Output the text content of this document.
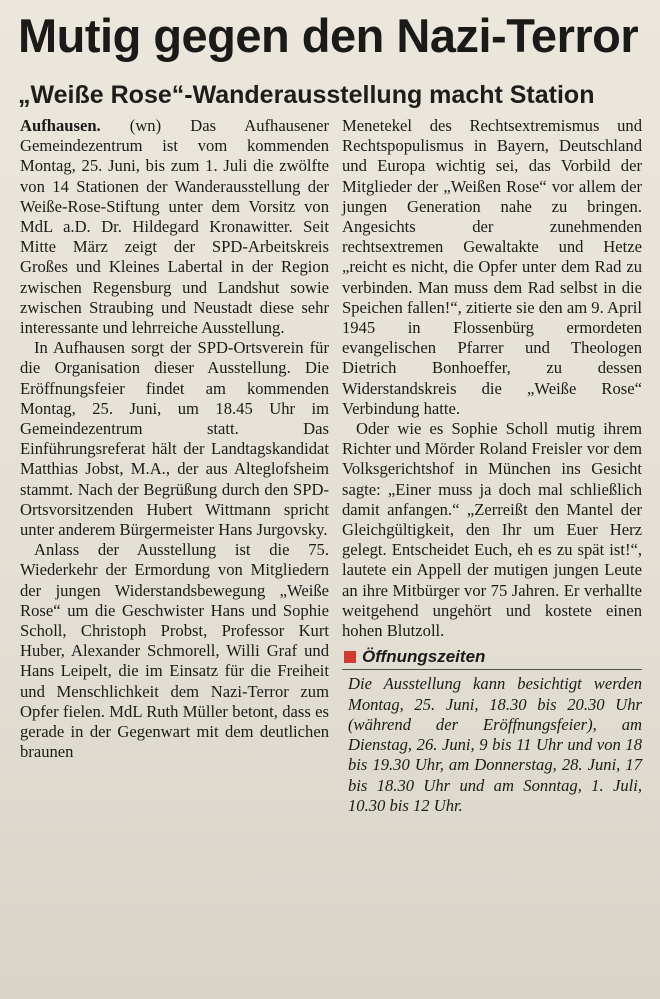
Mutig gegen den Nazi-Terror
„Weiße Rose“-Wanderausstellung macht Station

Aufhausen. (wn) Das Aufhausener Gemeindezentrum ist vom kommenden Montag, 25. Juni, bis zum 1. Juli die zwölfte von 14 Stationen der Wanderausstellung der Weiße-Rose-Stiftung unter dem Vorsitz von MdL a.D. Dr. Hildegard Kronawitter. Seit Mitte März zeigt der SPD-Arbeitskreis Großes und Kleines Labertal in der Region zwischen Regensburg und Landshut sowie zwischen Straubing und Neustadt diese sehr interessante und lehrreiche Ausstellung.

In Aufhausen sorgt der SPD-Ortsverein für die Organisation dieser Ausstellung. Die Eröffnungsfeier findet am kommenden Montag, 25. Juni, um 18.45 Uhr im Gemeindezentrum statt. Das Einführungsreferat hält der Landtagskandidat Matthias Jobst, M.A., der aus Alteglofsheim stammt. Nach der Begrüßung durch den SPD-Ortsvorsitzenden Hubert Wittmann spricht unter anderem Bürgermeister Hans Jurgovsky.

Anlass der Ausstellung ist die 75. Wiederkehr der Ermordung von Mitgliedern der jungen Widerstandsbewegung „Weiße Rose“ um die Geschwister Hans und Sophie Scholl, Christoph Probst, Professor Kurt Huber, Alexander Schmorell, Willi Graf und Hans Leipelt, die im Einsatz für die Freiheit und Menschlichkeit dem Nazi-Terror zum Opfer fielen. MdL Ruth Müller betont, dass es gerade in der Gegenwart mit dem deutlichen braunen

Menetekel des Rechtsextremismus und Rechtspopulismus in Bayern, Deutschland und Europa wichtig sei, das Vorbild der Mitglieder der „Weißen Rose“ vor allem der jungen Generation nahe zu bringen. Angesichts der zunehmenden rechtsextremen Gewaltakte und Hetze „reicht es nicht, die Opfer unter dem Rad zu verbinden. Man muss dem Rad selbst in die Speichen fallen!“, zitierte sie den am 9. April 1945 in Flossenbürg ermordeten evangelischen Pfarrer und Theologen Dietrich Bonhoeffer, zu dessen Widerstandskreis die „Weiße Rose“ Verbindung hatte.

Oder wie es Sophie Scholl mutig ihrem Richter und Mörder Roland Freisler vor dem Volksgerichtshof in München ins Gesicht sagte: „Einer muss ja doch mal schließlich damit anfangen.“ „Zerreißt den Mantel der Gleichgültigkeit, den Ihr um Euer Herz gelegt. Entscheidet Euch, eh es zu spät ist!“, lautete ein Appell der mutigen jungen Leute an ihre Mitbürger vor 75 Jahren. Er verhallte weitgehend ungehört und kostete einen hohen Blutzoll.

Öffnungszeiten

Die Ausstellung kann besichtigt werden Montag, 25. Juni, 18.30 bis 20.30 Uhr (während der Eröffnungsfeier), am Dienstag, 26. Juni, 9 bis 11 Uhr und von 18 bis 19.30 Uhr, am Donnerstag, 28. Juni, 17 bis 18.30 Uhr und am Sonntag, 1. Juli, 10.30 bis 12 Uhr.
